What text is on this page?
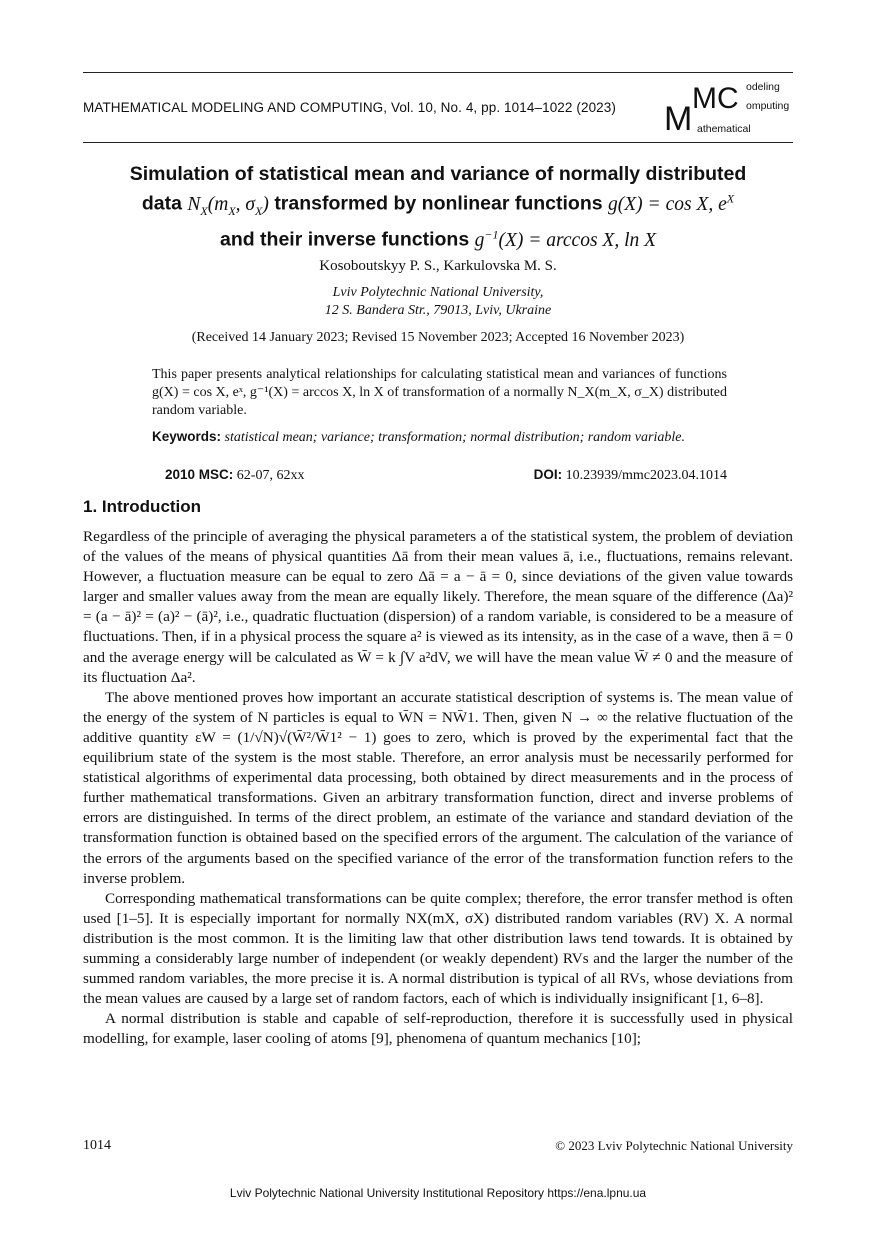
MATHEMATICAL MODELING AND COMPUTING, Vol. 10, No. 4, pp. 1014–1022 (2023) M
MC odeling
omputing
athematical
Simulation of statistical mean and variance of normally distributed
data $N_X(m_X$, $\sigma_X$) transformed by nonlinear functions g(X) = cos X, $e^X$
and their inverse functions $g^{-1}(X) = \arccos X$, ln X
Kosoboutskyy P. S., Karkulovska M. S.
Lviv Polytechnic National University,
12 S. Bandera Str., 79013, Lviv, Ukraine
(Received 14 January 2023; Revised 15 November 2023; Accepted 16 November 2023)
This paper presents analytical relationships for calculating statistical mean and variances of functions g(X) = cos X, eˣ, g⁻¹(X) = arccos X, ln X of transformation of a normally N_X(m_X, σ_X) distributed random variable.
Keywords: statistical mean; variance; transformation; normal distribution; random variable.
2010 MSC: 62-07, 62xx	DOI: 10.23939/mmc2023.04.1014
1. Introduction

Regardless of the principle of averaging the physical parameters a of the statistical system, the problem of deviation of the values of the means of physical quantities Δā from their mean values ā, i.e., fluctuations, remains relevant. However, a fluctuation measure can be equal to zero Δā = a − ā = 0, since deviations of the given value towards larger and smaller values away from the mean are equally likely. Therefore, the mean square of the difference (Δa)² = (a − ā)² = (a)² − (ā)², i.e., quadratic fluctuation (dispersion) of a random variable, is considered to be a measure of fluctuations. Then, if in a physical process the square a² is viewed as its intensity, as in the case of a wave, then ā = 0 and the average energy will be calculated as W̄ = k ∫V a²dV, we will have the mean value W̄ ≠ 0 and the measure of its fluctuation Δa².

The above mentioned proves how important an accurate statistical description of systems is. The mean value of the energy of the system of N particles is equal to W̄N = NW̄1. Then, given N → ∞ the relative fluctuation of the additive quantity εW = (1/√N)√(W̄²/W̄1² − 1) goes to zero, which is proved by the experimental fact that the equilibrium state of the system is the most stable. Therefore, an error analysis must be necessarily performed for statistical algorithms of experimental data processing, both obtained by direct measurements and in the process of further mathematical transformations. Given an arbitrary transformation function, direct and inverse problems of errors are distinguished. In terms of the direct problem, an estimate of the variance and standard deviation of the transformation function is obtained based on the specified errors of the argument. The calculation of the variance of the errors of the arguments based on the specified variance of the error of the transformation function refers to the inverse problem.

Corresponding mathematical transformations can be quite complex; therefore, the error transfer method is often used [1–5]. It is especially important for normally NX(mX, σX) distributed random variables (RV) X. A normal distribution is the most common. It is the limiting law that other distribution laws tend towards. It is obtained by summing a considerably large number of independent (or weakly dependent) RVs and the larger the number of the summed random variables, the more precise it is. A normal distribution is typical of all RVs, whose deviations from the mean values are caused by a large set of random factors, each of which is individually insignificant [1, 6–8].

A normal distribution is stable and capable of self-reproduction, therefore it is successfully used in physical modelling, for example, laser cooling of atoms [9], phenomena of quantum mechanics [10];

1014	© 2023 Lviv Polytechnic National University
Lviv Polytechnic National University Institutional Repository https://ena.lpnu.ua
